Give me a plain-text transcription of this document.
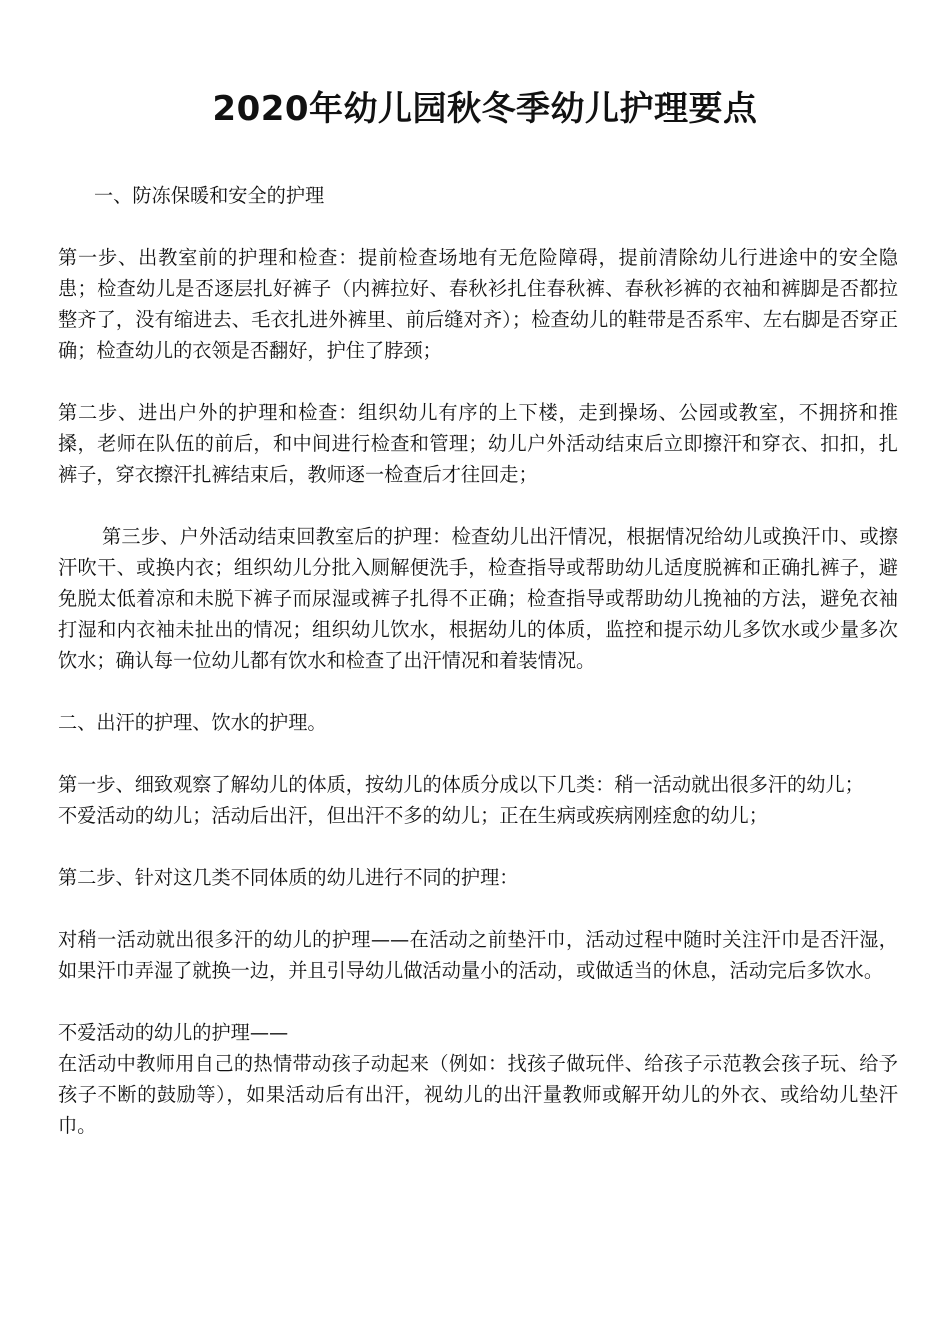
2020年幼儿园秋冬季幼儿护理要点

一、防冻保暖和安全的护理

第一步、出教室前的护理和检查：提前检查场地有无危险障碍，提前清除幼儿行进途中的安全隐患；检查幼儿是否逐层扎好裤子（内裤拉好、春秋衫扎住春秋裤、春秋衫裤的衣袖和裤脚是否都拉整齐了，没有缩进去、毛衣扎进外裤里、前后缝对齐）；检查幼儿的鞋带是否系牢、左右脚是否穿正确；检查幼儿的衣领是否翻好，护住了脖颈；

第二步、进出户外的护理和检查：组织幼儿有序的上下楼，走到操场、公园或教室，不拥挤和推搡，老师在队伍的前后，和中间进行检查和管理；幼儿户外活动结束后立即擦汗和穿衣、扣扣，扎裤子，穿衣擦汗扎裤结束后，教师逐一检查后才往回走；

第三步、户外活动结束回教室后的护理：检查幼儿出汗情况，根据情况给幼儿或换汗巾、或擦汗吹干、或换内衣；组织幼儿分批入厕解便洗手，检查指导或帮助幼儿适度脱裤和正确扎裤子，避免脱太低着凉和未脱下裤子而尿湿或裤子扎得不正确；检查指导或帮助幼儿挽袖的方法，避免衣袖打湿和内衣袖未扯出的情况；组织幼儿饮水，根据幼儿的体质，监控和提示幼儿多饮水或少量多次饮水；确认每一位幼儿都有饮水和检查了出汗情况和着装情况。

二、出汗的护理、饮水的护理。

第一步、细致观察了解幼儿的体质，按幼儿的体质分成以下几类：稍一活动就出很多汗的幼儿；

不爱活动的幼儿；活动后出汗，但出汗不多的幼儿；正在生病或疾病刚痊愈的幼儿；

第二步、针对这几类不同体质的幼儿进行不同的护理：

对稍一活动就出很多汗的幼儿的护理——在活动之前垫汗巾，活动过程中随时关注汗巾是否汗湿，如果汗巾弄湿了就换一边，并且引导幼儿做活动量小的活动，或做适当的休息，活动完后多饮水。

不爱活动的幼儿的护理——

在活动中教师用自己的热情带动孩子动起来（例如：找孩子做玩伴、给孩子示范教会孩子玩、给予孩子不断的鼓励等），如果活动后有出汗，视幼儿的出汗量教师或解开幼儿的外衣、或给幼儿垫汗巾。
